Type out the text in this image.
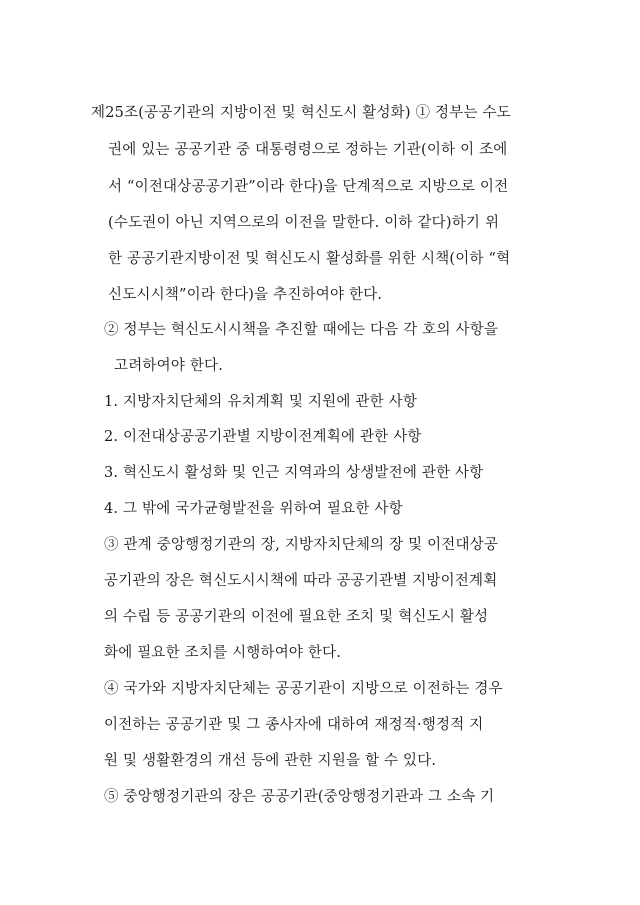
제25조(공공기관의 지방이전 및 혁신도시 활성화) ① 정부는 수도
권에 있는 공공기관 중 대통령령으로 정하는 기관(이하 이 조에
서 “이전대상공공기관”이라 한다)을 단계적으로 지방으로 이전
(수도권이 아닌 지역으로의 이전을 말한다. 이하 같다)하기 위
한 공공기관지방이전 및 혁신도시 활성화를 위한 시책(이하 “혁
신도시시책”이라 한다)을 추진하여야 한다.
② 정부는 혁신도시시책을 추진할 때에는 다음 각 호의 사항을
고려하여야 한다.
1. 지방자치단체의 유치계획 및 지원에 관한 사항
2. 이전대상공공기관별 지방이전계획에 관한 사항
3. 혁신도시 활성화 및 인근 지역과의 상생발전에 관한 사항
4. 그 밖에 국가균형발전을 위하여 필요한 사항
③ 관계 중앙행정기관의 장, 지방자치단체의 장 및 이전대상공
공기관의 장은 혁신도시시책에 따라 공공기관별 지방이전계획
의 수립 등 공공기관의 이전에 필요한 조치 및 혁신도시 활성
화에 필요한 조치를 시행하여야 한다.
④ 국가와 지방자치단체는 공공기관이 지방으로 이전하는 경우
이전하는 공공기관 및 그 종사자에 대하여 재정적·행정적 지
원 및 생활환경의 개선 등에 관한 지원을 할 수 있다.
⑤ 중앙행정기관의 장은 공공기관(중앙행정기관과 그 소속 기
